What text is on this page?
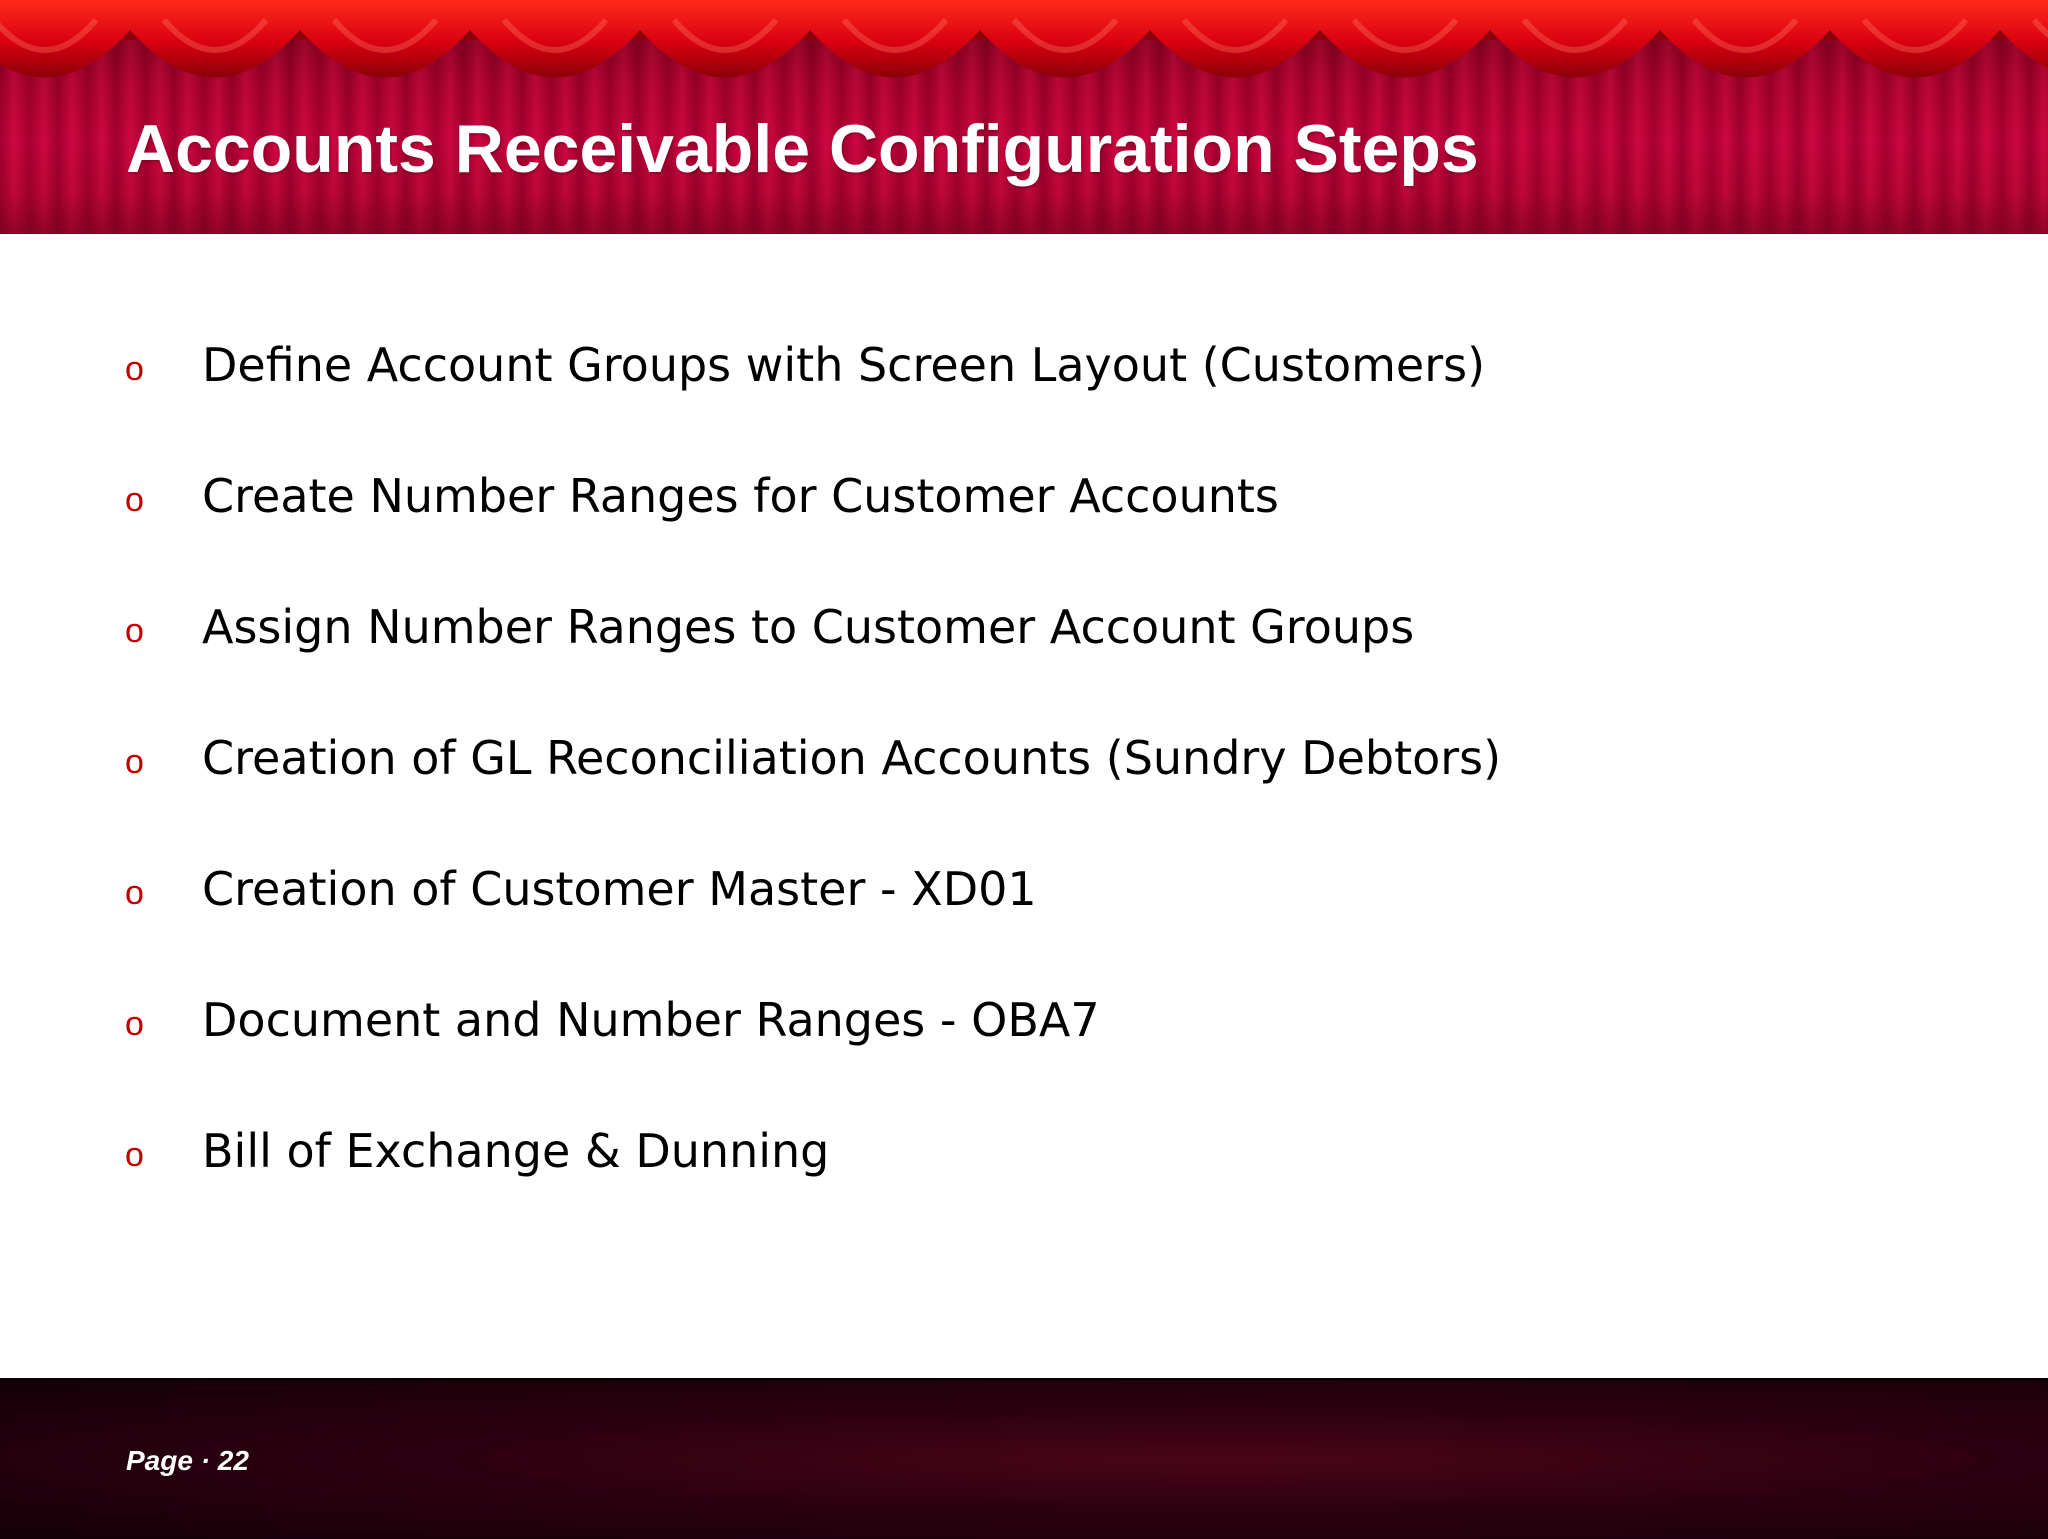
Accounts Receivable Configuration Steps
o Define Account Groups with Screen Layout (Customers)
o Create Number Ranges for Customer Accounts
o Assign Number Ranges to Customer Account Groups
o Creation of GL Reconciliation Accounts (Sundry Debtors)
o Creation of Customer Master - XD01
o Document and Number Ranges - OBA7
o Bill of Exchange & Dunning
Page · 22
